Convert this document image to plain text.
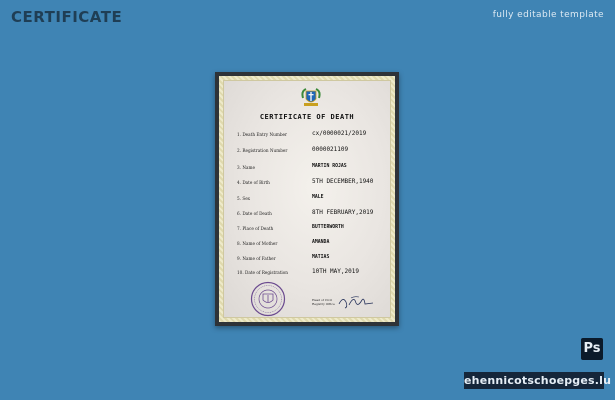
CERTIFICATE	fully editable template
CERTIFICATE OF DEATH
1. Death Entry Number	cx/0000021/2019
2. Registration Number	0000021109
3. Name	MARTIN ROJAS
4. Date of Birth	5TH DECEMBER,1940
5. Sex	MALE
6. Date of Death	8TH FEBRUARY,2019
7. Place of Death	BUTTERWORTH
8. Name of Mother	AMANDA
9. Name of Father	MATIAS
10. Date of Registration	10TH MAY,2019
Head of Civil Registry Office
Ps
ehennicotschoepges.lu
